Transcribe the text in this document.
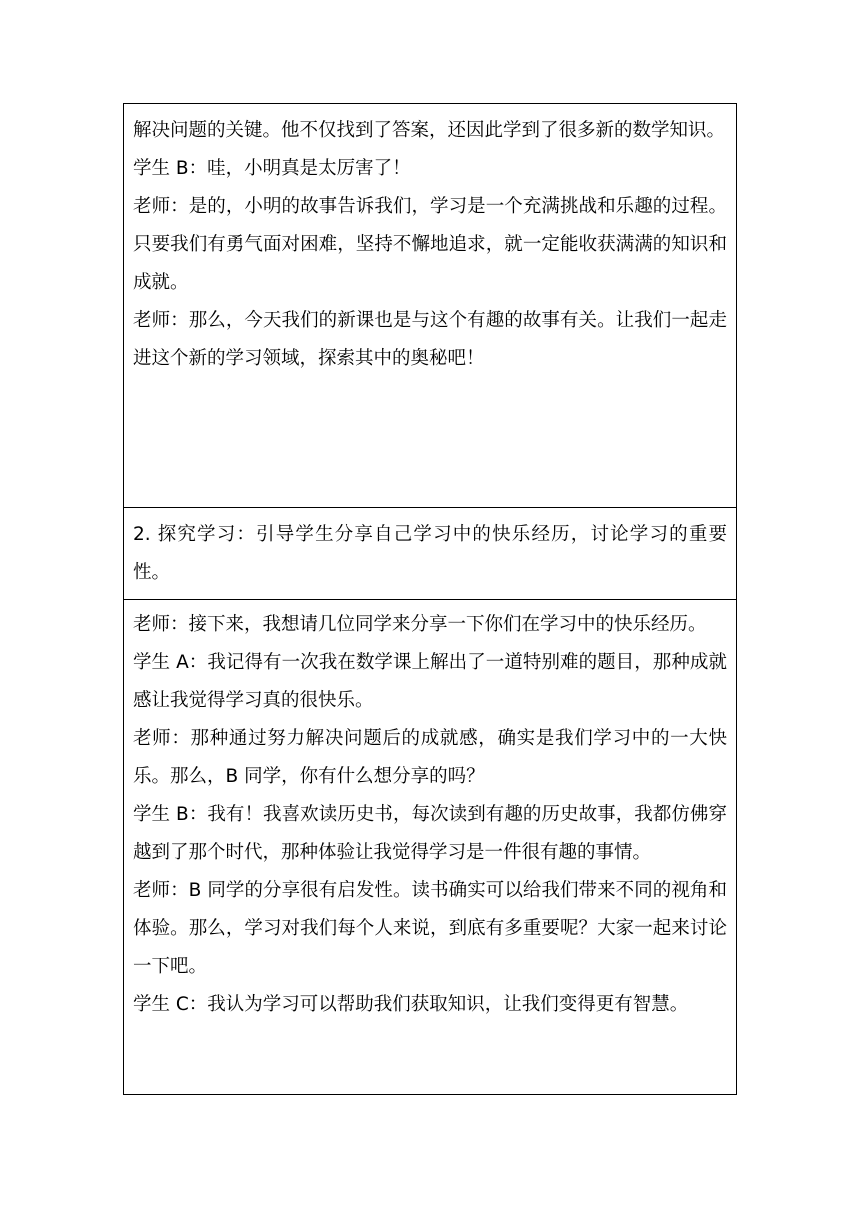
解决问题的关键。他不仅找到了答案，还因此学到了很多新的数学知识。

学生 B：哇，小明真是太厉害了！

老师：是的，小明的故事告诉我们，学习是一个充满挑战和乐趣的过程。只要我们有勇气面对困难，坚持不懈地追求，就一定能收获满满的知识和成就。

老师：那么，今天我们的新课也是与这个有趣的故事有关。让我们一起走进这个新的学习领域，探索其中的奥秘吧！

2. 探究学习：引导学生分享自己学习中的快乐经历，讨论学习的重要性。

老师：接下来，我想请几位同学来分享一下你们在学习中的快乐经历。

学生 A：我记得有一次我在数学课上解出了一道特别难的题目，那种成就感让我觉得学习真的很快乐。

老师：那种通过努力解决问题后的成就感，确实是我们学习中的一大快乐。那么，B 同学，你有什么想分享的吗？

学生 B：我有！我喜欢读历史书，每次读到有趣的历史故事，我都仿佛穿越到了那个时代，那种体验让我觉得学习是一件很有趣的事情。

老师：B 同学的分享很有启发性。读书确实可以给我们带来不同的视角和体验。那么，学习对我们每个人来说，到底有多重要呢？大家一起来讨论一下吧。

学生 C：我认为学习可以帮助我们获取知识，让我们变得更有智慧。
